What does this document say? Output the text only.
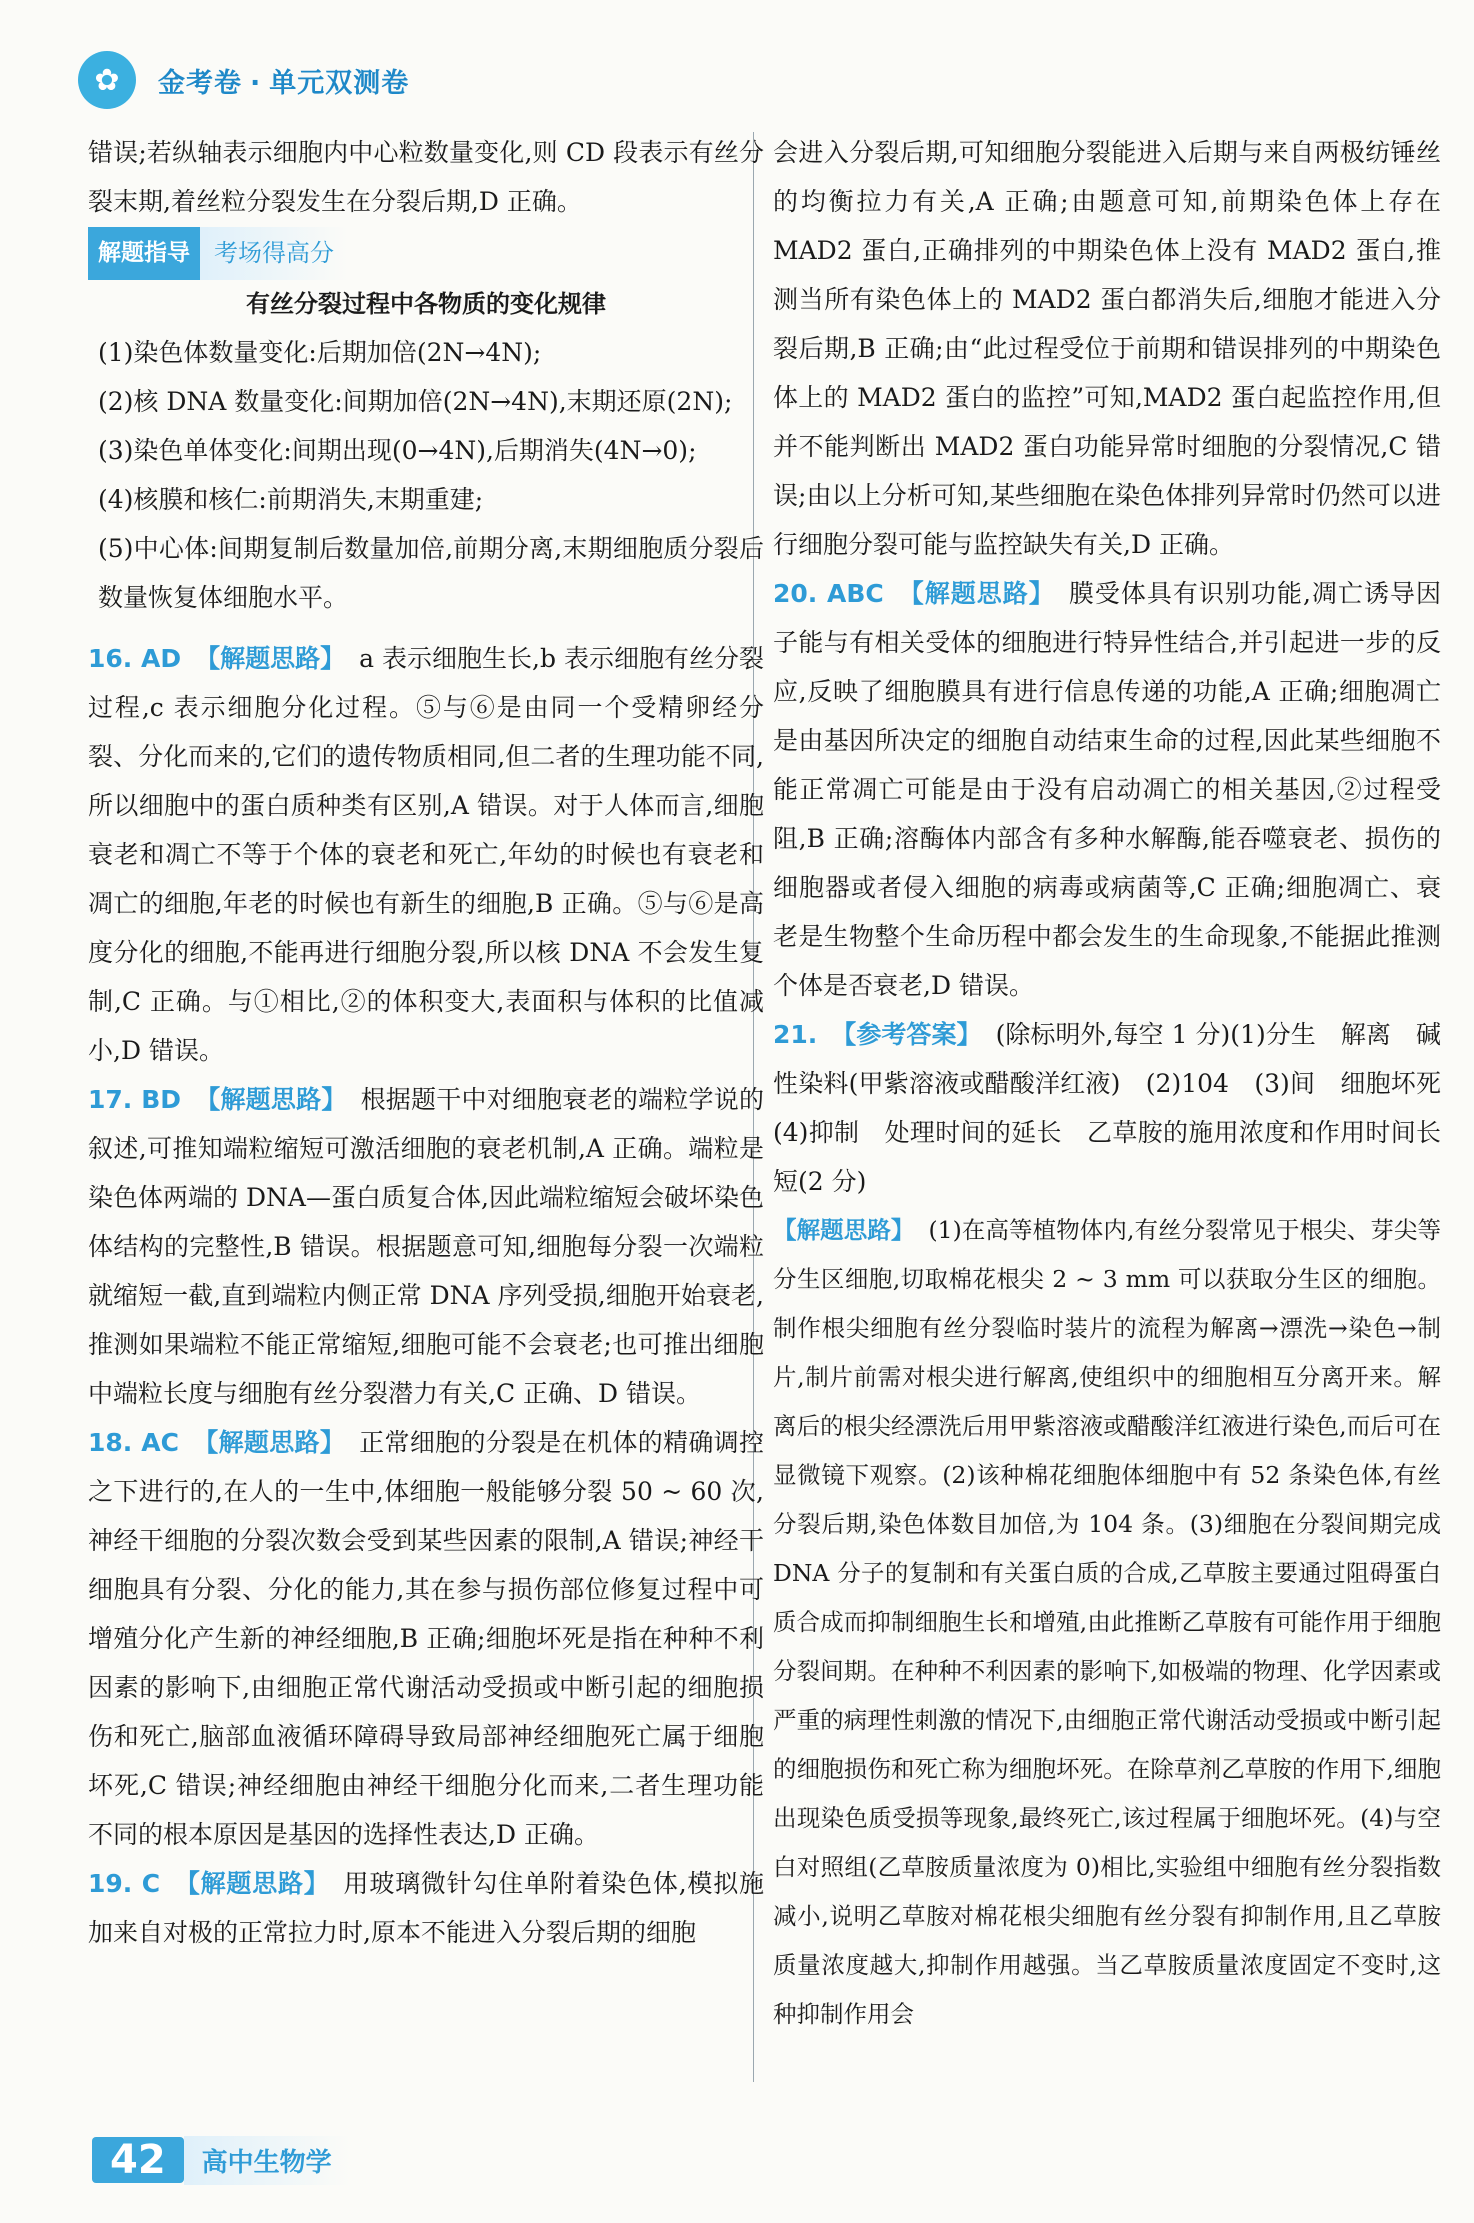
✿	金考卷 · 单元双测卷

错误;若纵轴表示细胞内中心粒数量变化,则 CD 段表示有丝分裂末期,着丝粒分裂发生在分裂后期,D 正确。

解题指导	考场得高分
有丝分裂过程中各物质的变化规律

(1)染色体数量变化:后期加倍(2N→4N);

(2)核 DNA 数量变化:间期加倍(2N→4N),末期还原(2N);

(3)染色单体变化:间期出现(0→4N),后期消失(4N→0);

(4)核膜和核仁:前期消失,末期重建;

(5)中心体:间期复制后数量加倍,前期分离,末期细胞质分裂后数量恢复体细胞水平。

16. AD 【解题思路】 a 表示细胞生长,b 表示细胞有丝分裂过程,c 表示细胞分化过程。⑤与⑥是由同一个受精卵经分裂、分化而来的,它们的遗传物质相同,但二者的生理功能不同,所以细胞中的蛋白质种类有区别,A 错误。对于人体而言,细胞衰老和凋亡不等于个体的衰老和死亡,年幼的时候也有衰老和凋亡的细胞,年老的时候也有新生的细胞,B 正确。⑤与⑥是高度分化的细胞,不能再进行细胞分裂,所以核 DNA 不会发生复制,C 正确。与①相比,②的体积变大,表面积与体积的比值减小,D 错误。

17. BD 【解题思路】 根据题干中对细胞衰老的端粒学说的叙述,可推知端粒缩短可激活细胞的衰老机制,A 正确。端粒是染色体两端的 DNA—蛋白质复合体,因此端粒缩短会破坏染色体结构的完整性,B 错误。根据题意可知,细胞每分裂一次端粒就缩短一截,直到端粒内侧正常 DNA 序列受损,细胞开始衰老,推测如果端粒不能正常缩短,细胞可能不会衰老;也可推出细胞中端粒长度与细胞有丝分裂潜力有关,C 正确、D 错误。

18. AC 【解题思路】 正常细胞的分裂是在机体的精确调控之下进行的,在人的一生中,体细胞一般能够分裂 50 ~ 60 次,神经干细胞的分裂次数会受到某些因素的限制,A 错误;神经干细胞具有分裂、分化的能力,其在参与损伤部位修复过程中可增殖分化产生新的神经细胞,B 正确;细胞坏死是指在种种不利因素的影响下,由细胞正常代谢活动受损或中断引起的细胞损伤和死亡,脑部血液循环障碍导致局部神经细胞死亡属于细胞坏死,C 错误;神经细胞由神经干细胞分化而来,二者生理功能不同的根本原因是基因的选择性表达,D 正确。

19. C 【解题思路】 用玻璃微针勾住单附着染色体,模拟施加来自对极的正常拉力时,原本不能进入分裂后期的细胞

会进入分裂后期,可知细胞分裂能进入后期与来自两极纺锤丝的均衡拉力有关,A 正确;由题意可知,前期染色体上存在 MAD2 蛋白,正确排列的中期染色体上没有 MAD2 蛋白,推测当所有染色体上的 MAD2 蛋白都消失后,细胞才能进入分裂后期,B 正确;由“此过程受位于前期和错误排列的中期染色体上的 MAD2 蛋白的监控”可知,MAD2 蛋白起监控作用,但并不能判断出 MAD2 蛋白功能异常时细胞的分裂情况,C 错误;由以上分析可知,某些细胞在染色体排列异常时仍然可以进行细胞分裂可能与监控缺失有关,D 正确。

20. ABC 【解题思路】 膜受体具有识别功能,凋亡诱导因子能与有相关受体的细胞进行特异性结合,并引起进一步的反应,反映了细胞膜具有进行信息传递的功能,A 正确;细胞凋亡是由基因所决定的细胞自动结束生命的过程,因此某些细胞不能正常凋亡可能是由于没有启动凋亡的相关基因,②过程受阻,B 正确;溶酶体内部含有多种水解酶,能吞噬衰老、损伤的细胞器或者侵入细胞的病毒或病菌等,C 正确;细胞凋亡、衰老是生物整个生命历程中都会发生的生命现象,不能据此推测个体是否衰老,D 错误。

21. 【参考答案】 (除标明外,每空 1 分)(1)分生　解离　碱性染料(甲紫溶液或醋酸洋红液)　(2)104　(3)间　细胞坏死　(4)抑制　处理时间的延长　乙草胺的施用浓度和作用时间长短(2 分)

【解题思路】 (1)在高等植物体内,有丝分裂常见于根尖、芽尖等分生区细胞,切取棉花根尖 2 ~ 3 mm 可以获取分生区的细胞。制作根尖细胞有丝分裂临时装片的流程为解离→漂洗→染色→制片,制片前需对根尖进行解离,使组织中的细胞相互分离开来。解离后的根尖经漂洗后用甲紫溶液或醋酸洋红液进行染色,而后可在显微镜下观察。(2)该种棉花细胞体细胞中有 52 条染色体,有丝分裂后期,染色体数目加倍,为 104 条。(3)细胞在分裂间期完成 DNA 分子的复制和有关蛋白质的合成,乙草胺主要通过阻碍蛋白质合成而抑制细胞生长和增殖,由此推断乙草胺有可能作用于细胞分裂间期。在种种不利因素的影响下,如极端的物理、化学因素或严重的病理性刺激的情况下,由细胞正常代谢活动受损或中断引起的细胞损伤和死亡称为细胞坏死。在除草剂乙草胺的作用下,细胞出现染色质受损等现象,最终死亡,该过程属于细胞坏死。(4)与空白对照组(乙草胺质量浓度为 0)相比,实验组中细胞有丝分裂指数减小,说明乙草胺对棉花根尖细胞有丝分裂有抑制作用,且乙草胺质量浓度越大,抑制作用越强。当乙草胺质量浓度固定不变时,这种抑制作用会

42	高中生物学
